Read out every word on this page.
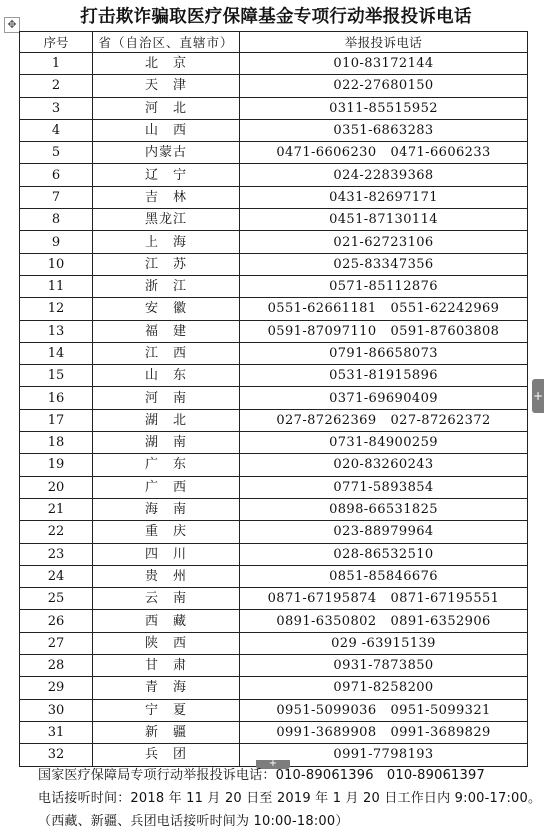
✥	打击欺诈骗取医疗保障基金专项行动举报投诉电话
序号	省（自治区、直辖市）	举报投诉电话
1	北　京	010-83172144
2	天　津	022-27680150
3	河　北	0311-85515952
4	山　西	0351-6863283
5	内蒙古	0471-6606230 0471-6606233
6	辽　宁	024-22839368
7	吉　林	0431-82697171
8	黑龙江	0451-87130114
9	上　海	021-62723106
10	江　苏	025-83347356
11	浙　江	0571-85112876
12	安　徽	0551-62661181 0551-62242969
13	福　建	0591-87097110 0591-87603808
14	江　西	0791-86658073
15	山　东	0531-81915896
16	河　南	0371-69690409
17	湖　北	027-87262369 027-87262372
18	湖　南	0731-84900259
19	广　东	020-83260243
20	广　西	0771-5893854
21	海　南	0898-66531825
22	重　庆	023-88979964
23	四　川	028-86532510
24	贵　州	0851-85846676
25	云　南	0871-67195874 0871-67195551
26	西　藏	0891-6350802 0891-6352906
27	陕　西	029 -63915139
28	甘　肃	0931-7873850
29	青　海	0971-8258200
30	宁　夏	0951-5099036 0951-5099321
31	新　疆	0991-3689908 0991-3689829
32	兵　团	0991-7798193
+
+
国家医疗保障局专项行动举报投诉电话：010-89061396　010-89061397
电话接听时间：2018 年 11 月 20 日至 2019 年 1 月 20 日工作日内 9:00-17:00。
（西藏、新疆、兵团电话接听时间为 10:00-18:00）
